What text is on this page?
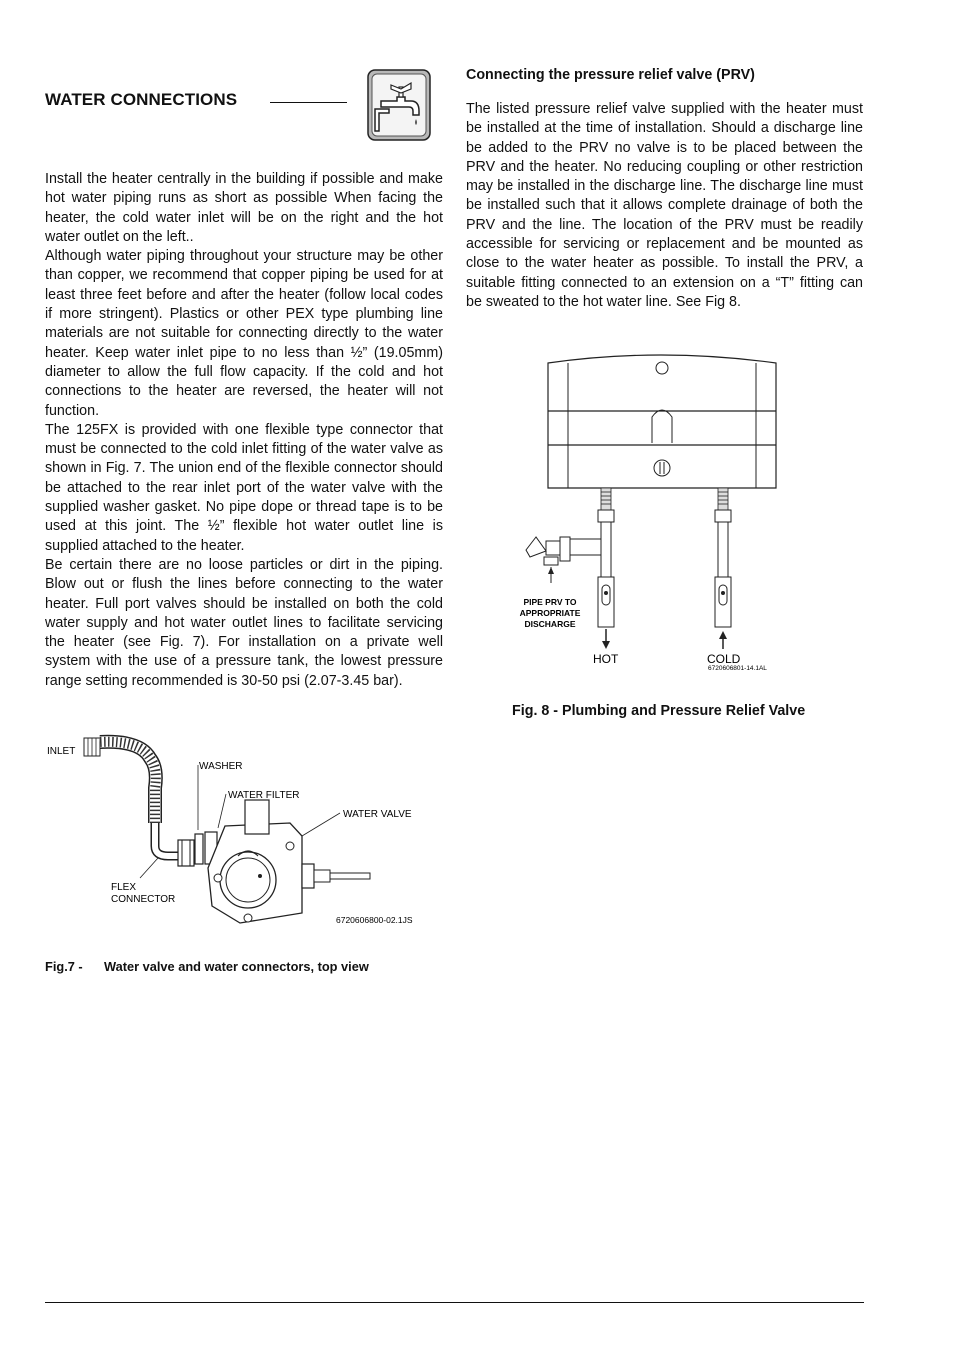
WATER CONNECTIONS

Install the heater centrally in the building if possible and make hot water piping runs as short as possible When facing the heater, the cold water inlet will be on the right and the hot water outlet on the left..

Although water piping throughout your structure may be other than copper, we recommend that copper piping be used for at least three feet before and after the heater (follow local codes if more stringent). Plastics or other PEX type plumbing line materials are not suitable for connecting directly to the water heater. Keep water inlet pipe to no less than ½” (19.05mm) diameter to allow the full flow capacity. If the cold and hot connections to the heater are reversed, the heater will not function.

The 125FX is provided with one flexible type connector that must be connected to the cold inlet fitting of the water valve as shown in Fig. 7. The union end of the flexible connector should be attached to the rear inlet port of the water valve with the supplied washer gasket. No pipe dope or thread tape is to be used at this joint. The ½” flexible hot water outlet line is supplied attached to the heater.

Be certain there are no loose particles or dirt in the piping. Blow out or flush the lines before connecting to the water heater. Full port valves should be installed on both the cold water supply and hot water outlet lines to facilitate servicing the heater (see Fig. 7). For installation on a private well system with the use of a pressure tank, the lowest pressure range setting recommended is 30-50 psi (2.07-3.45 bar).

Connecting the pressure relief valve (PRV)

The listed pressure relief valve supplied with the heater must be installed at the time of installation. Should a discharge line be added to the PRV no valve is to be placed between the PRV and the heater. No reducing coupling or other restriction may be installed in the discharge line. The discharge line must be installed such that it allows complete drainage of both the PRV and the line. The location of the PRV must be readily accessible for servicing or replacement and be mounted as close to the water heater as possible. To install the PRV, a suitable fitting connected to an extension on a “T” fitting can be sweated to the hot water line. See Fig 8.

PIPE PRV TO
APPROPRIATE
DISCHARGE
HOT	COLD
6720606801-14.1AL
Fig. 8 - Plumbing and Pressure Relief Valve
INLET
WASHER
WATER FILTER
WATER VALVE
FLEX
CONNECTOR
6720606800-02.1JS
Fig.7 - Water valve and water connectors, top view
